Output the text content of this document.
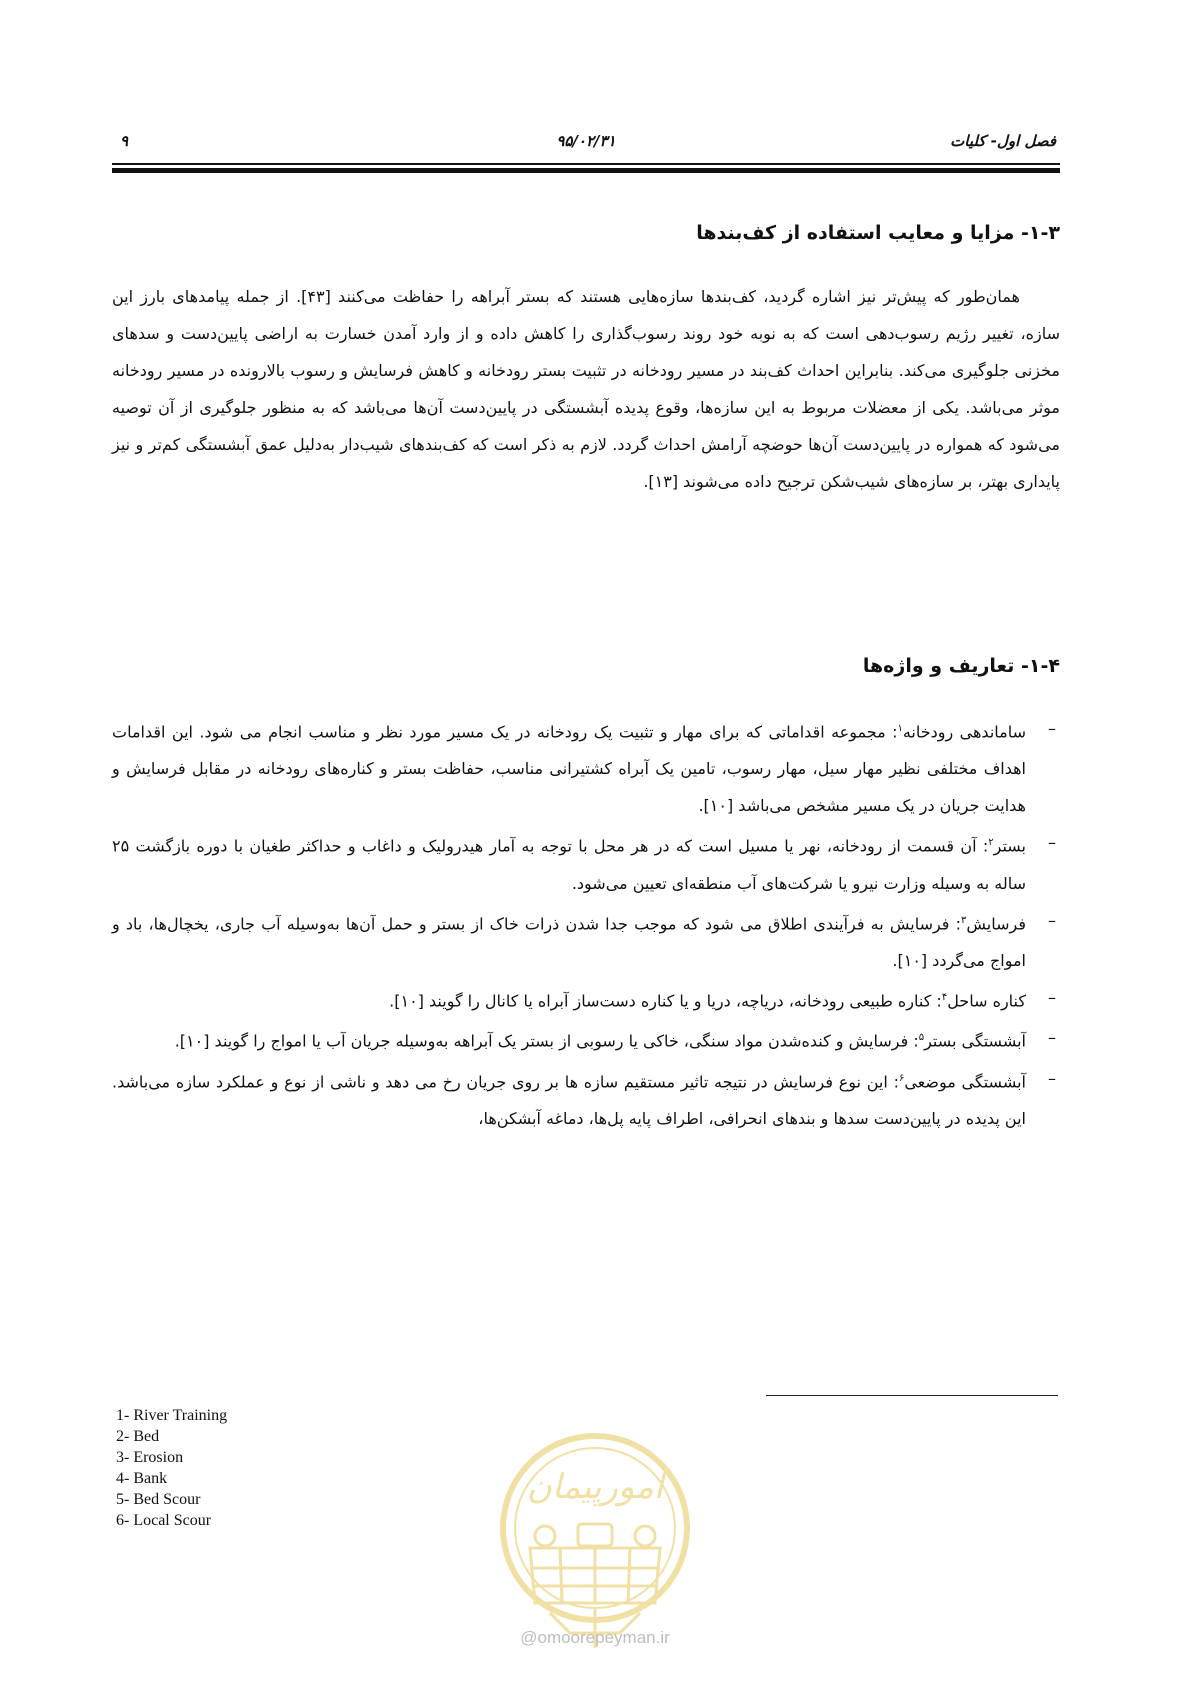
۹	۹۵/۰۲/۳۱	فصل اول- کلیات
۱-۳- مزایا و معایب استفاده از کف‌بندها

همان‌طور که پیش‌تر نیز اشاره گردید، کف‌بندها سازه‌هایی هستند که بستر آبراهه را حفاظت می‌کنند [۴۳]. از جمله پیامدهای بارز این سازه، تغییر رژیم رسوب‌دهی است که به نوبه خود روند رسوب‌گذاری را کاهش داده و از وارد آمدن خسارت به اراضی پایین‌دست و سدهای مخزنی جلوگیری می‌کند. بنابراین احداث کف‌بند در مسیر رودخانه در تثبیت بستر رودخانه و کاهش فرسایش و رسوب بالارونده در مسیر رودخانه موثر می‌باشد. یکی از معضلات مربوط به این سازه‌ها، وقوع پدیده آبشستگی در پایین‌دست آن‌ها می‌باشد که به منظور جلوگیری از آن توصیه می‌شود که همواره در پایین‌دست آن‌ها حوضچه آرامش احداث گردد. لازم به ذکر است که کف‌بندهای شیب‌دار به‌دلیل عمق آبشستگی کم‌تر و نیز پایداری بهتر، بر سازه‌های شیب‌شکن ترجیح داده می‌شوند [۱۳].

۱-۴- تعاریف و واژه‌ها
–
ساماندهی رودخانه$^۱$: مجموعه اقداماتی که برای مهار و تثبیت یک رودخانه در یک مسیر مورد نظر و مناسب انجام می شود. این اقدامات اهداف مختلفی نظیر مهار سیل، مهار رسوب، تامین یک آبراه کشتیرانی مناسب، حفاظت بستر و کناره‌های رودخانه در مقابل فرسایش و هدایت جریان در یک مسیر مشخص می‌باشد [۱۰].
–
بستر$^۲$: آن قسمت از رودخانه، نهر یا مسیل است که در هر محل با توجه به آمار هیدرولیک و داغاب و حداکثر طغیان با دوره بازگشت ۲۵ ساله به وسیله وزارت نیرو یا شرکت‌های آب منطقه‌ای تعیین می‌شود.
–
فرسایش$^۳$: فرسایش به فرآیندی اطلاق می شود که موجب جدا شدن ذرات خاک از بستر و حمل آن‌ها به‌وسیله آب جاری، یخچال‌ها، باد و امواج می‌گردد [۱۰].
–
کناره ساحل$^۴$: کناره طبیعی رودخانه، دریاچه، دریا و یا کناره دست‌ساز آبراه یا کانال را گویند [۱۰].
–
آبشستگی بستر$^۵$: فرسایش و کنده‌شدن مواد سنگی، خاکی یا رسوبی از بستر یک آبراهه به‌وسیله جریان آب یا امواج را گویند [۱۰].
–
آبشستگی موضعی$^۶$: این نوع فرسایش در نتیجه تاثیر مستقیم سازه ها بر روی جریان رخ می دهد و ناشی از نوع و عملکرد سازه می‌باشد. این پدیده در پایین‌دست سدها و بندهای انحرافی، اطراف پایه پل‌ها، دماغه آبشکن‌ها،
1- River Training
2- Bed
3- Erosion
4- Bank
5- Bed Scour
6- Local Scour
امورپیمان
@omoorepeyman.ir
